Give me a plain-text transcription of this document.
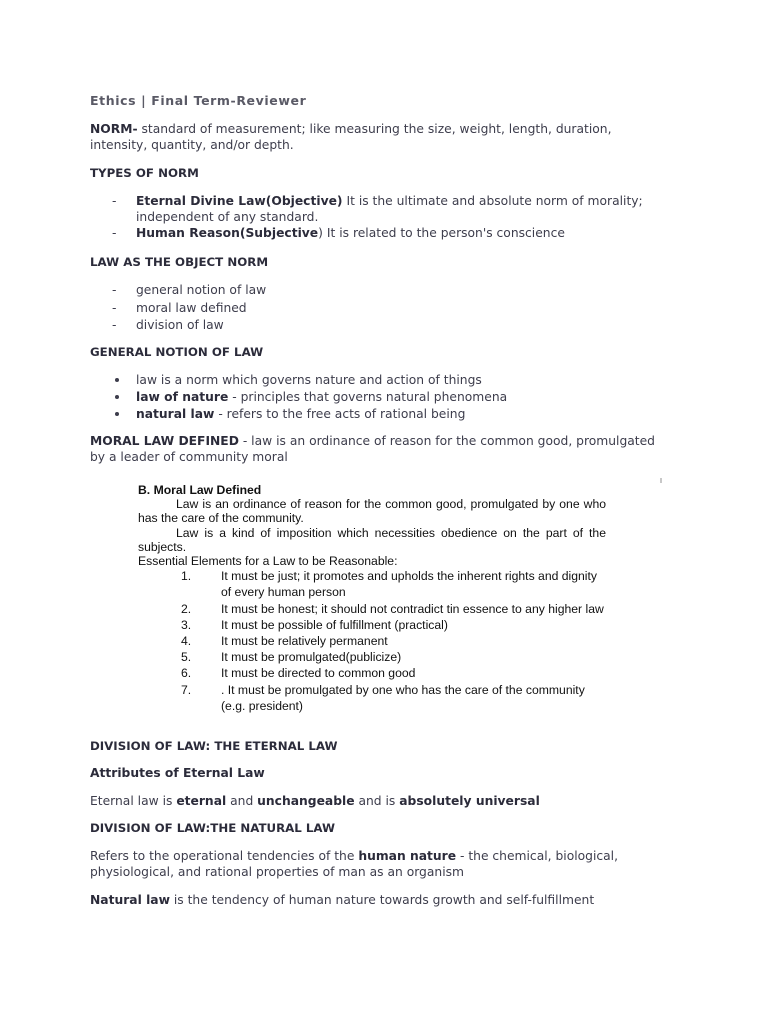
Ethics | Final Term-Reviewer
NORM- standard of measurement; like measuring the size, weight, length, duration, intensity, quantity, and/or depth.
TYPES OF NORM
- Eternal Divine Law(Objective) It is the ultimate and absolute norm of morality; independent of any standard.
- Human Reason(Subjective) It is related to the person's conscience
LAW AS THE OBJECT NORM
- general notion of law
- moral law defined
- division of law
GENERAL NOTION OF LAW
law is a norm which governs nature and action of things
law of nature - principles that governs natural phenomena
natural law - refers to the free acts of rational being
MORAL LAW DEFINED - law is an ordinance of reason for the common good, promulgated by a leader of community moral
B. Moral Law Defined
Law is an ordinance of reason for the common good, promulgated by one who has the care of the community.
Law is a kind of imposition which necessities obedience on the part of the subjects.
Essential Elements for a Law to be Reasonable:
1. It must be just; it promotes and upholds the inherent rights and dignity
of every human person
2. It must be honest; it should not contradict tin essence to any higher law
3. It must be possible of fulfillment (practical)
4. It must be relatively permanent
5. It must be promulgated(publicize)
6. It must be directed to common good
7. . It must be promulgated by one who has the care of the community
(e.g. president)
DIVISION OF LAW: THE ETERNAL LAW
Attributes of Eternal Law
Eternal law is eternal and unchangeable and is absolutely universal
DIVISION OF LAW:THE NATURAL LAW
Refers to the operational tendencies of the human nature - the chemical, biological, physiological, and rational properties of man as an organism
Natural law is the tendency of human nature towards growth and self-fulfillment
